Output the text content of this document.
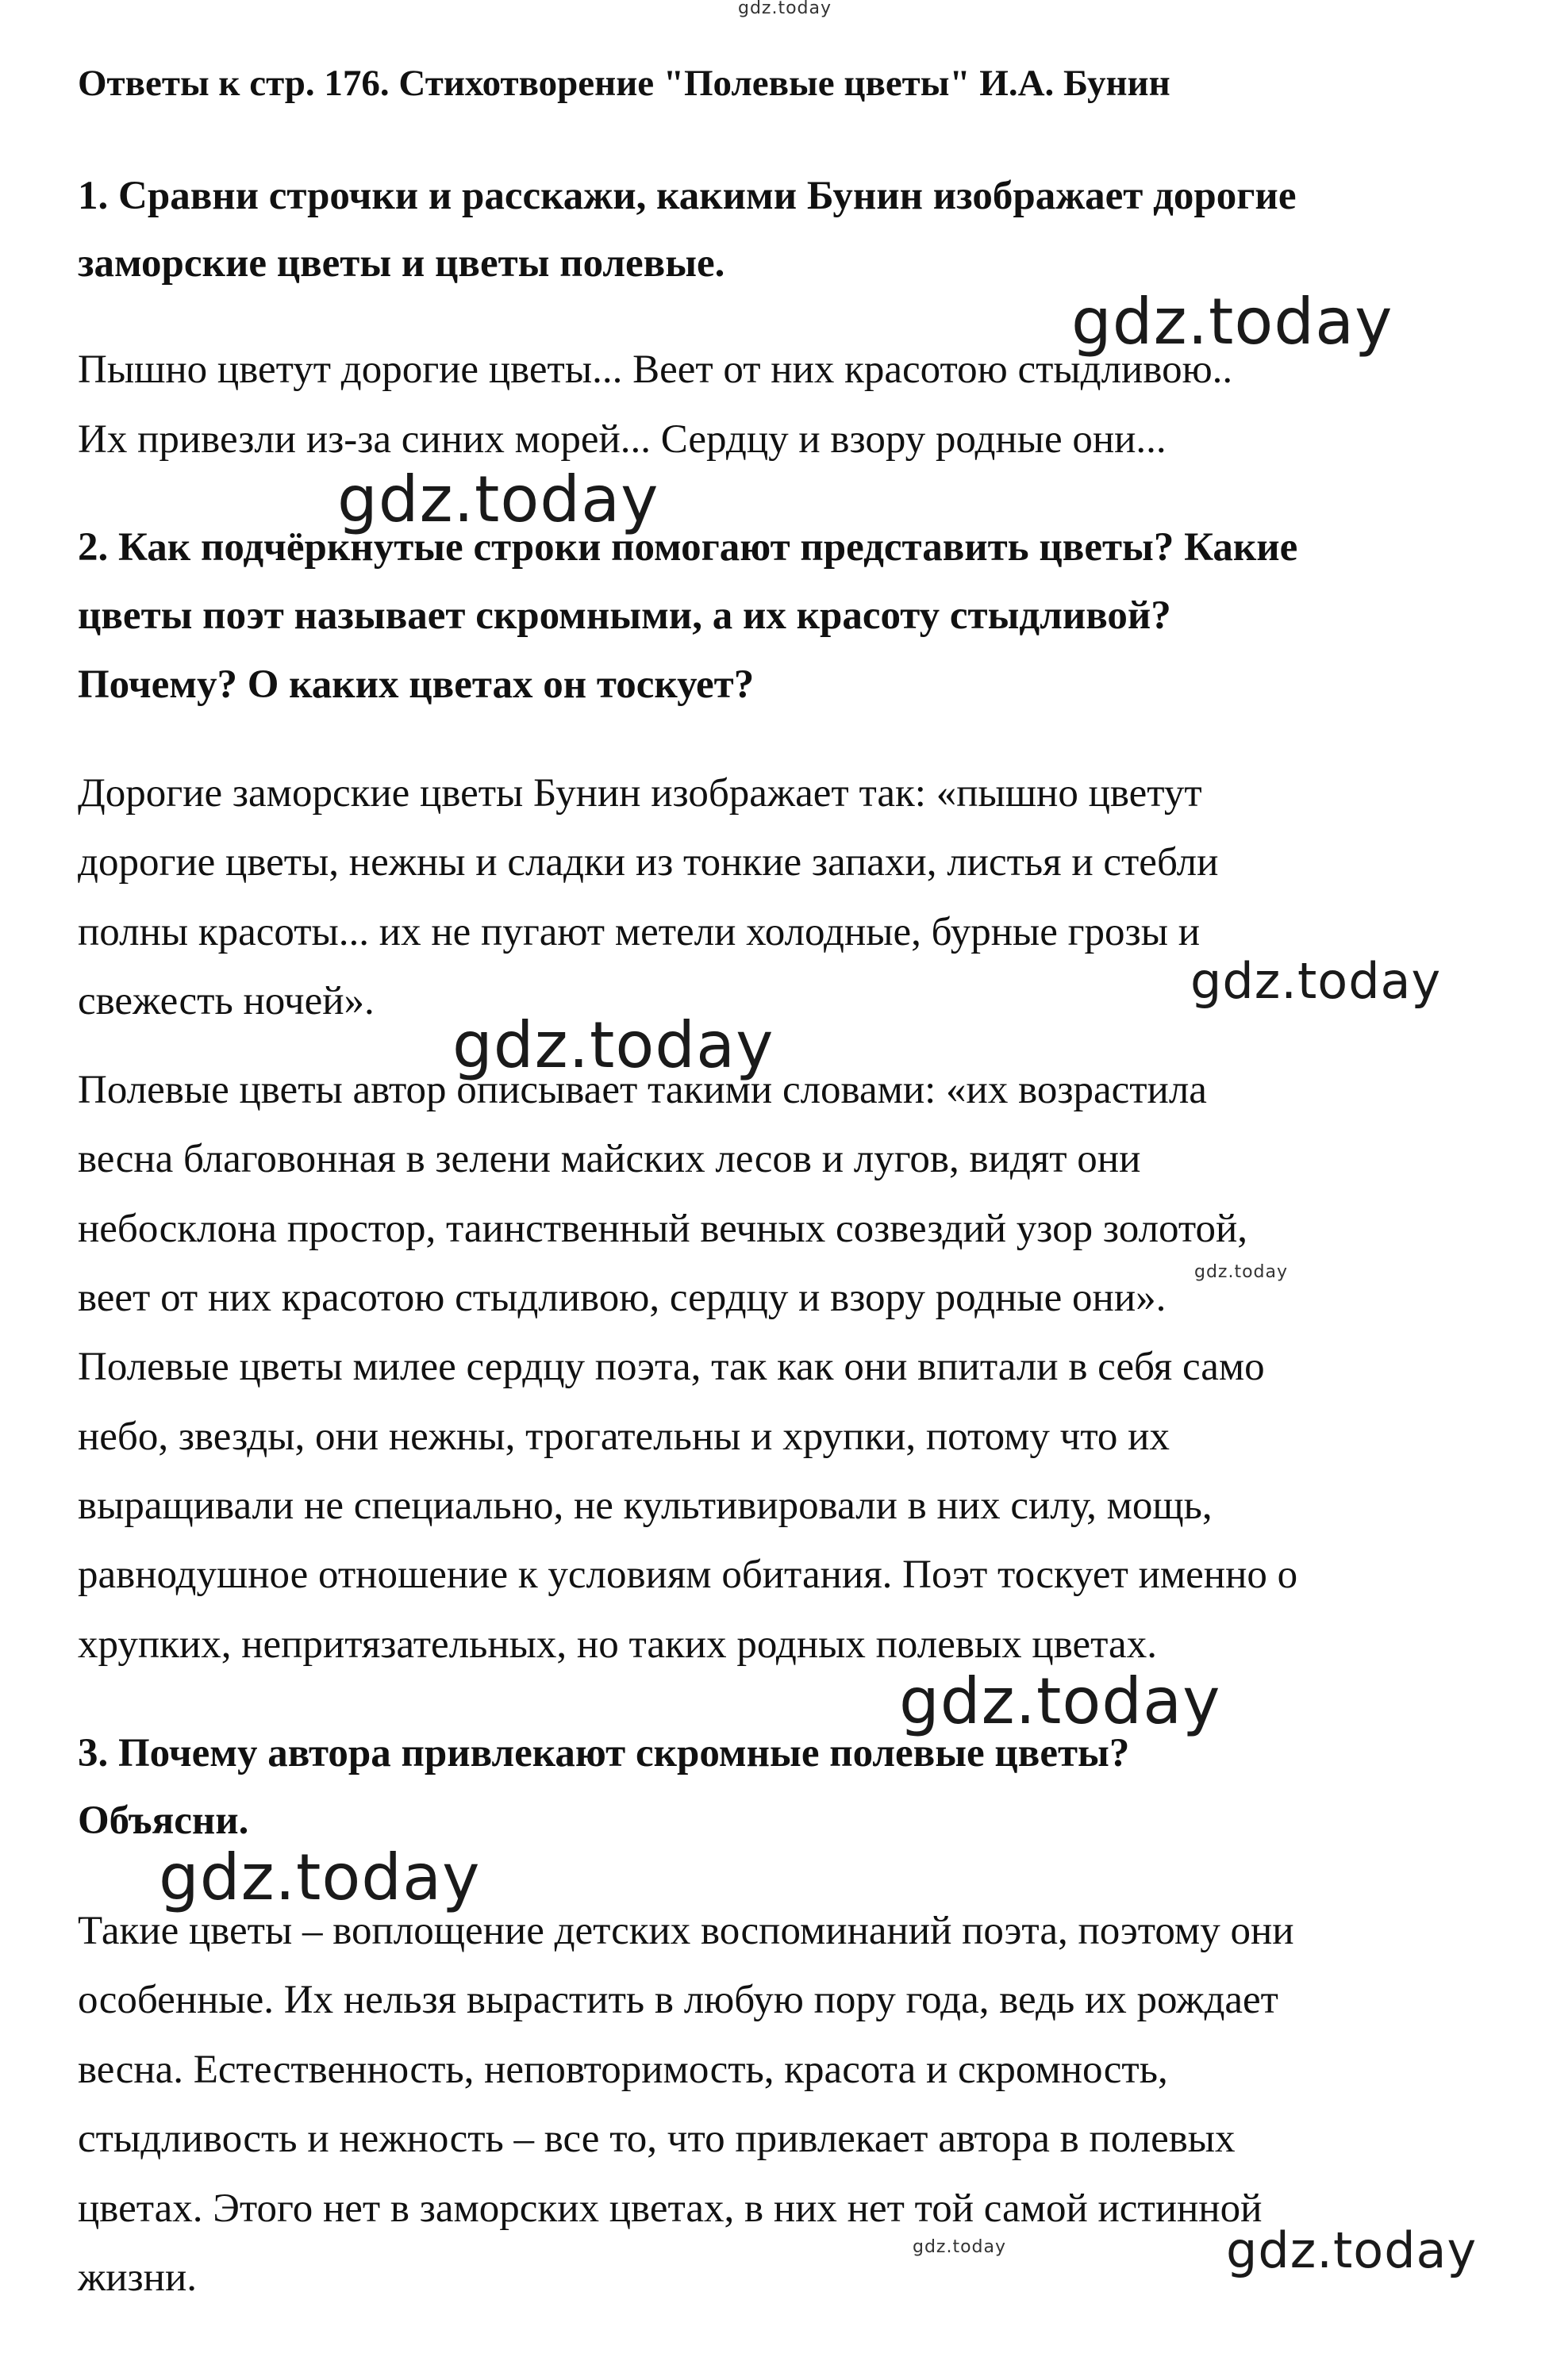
Ответы к стр. 176. Стихотворение "Полевые цветы" И.А. Бунин
1. Сравни строчки и расскажи, какими Бунин изображает дорогие
заморские цветы и цветы полевые.
Пышно цветут дорогие цветы... Веет от них красотою стыдливою..
Их привезли из-за синих морей... Сердцу и взору родные они...
2. Как подчёркнутые строки помогают представить цветы? Какие
цветы поэт называет скромными, а их красоту стыдливой?
Почему? О каких цветах он тоскует?
Дорогие заморские цветы Бунин изображает так: «пышно цветут
дорогие цветы, нежны и сладки из тонкие запахи, листья и стебли
полны красоты... их не пугают метели холодные, бурные грозы и
свежесть ночей».
Полевые цветы автор описывает такими словами: «их возрастила
весна благовонная в зелени майских лесов и лугов, видят они
небосклона простор, таинственный вечных созвездий узор золотой,
веет от них красотою стыдливою, сердцу и взору родные они».
Полевые цветы милее сердцу поэта, так как они впитали в себя само
небо, звезды, они нежны, трогательны и хрупки, потому что их
выращивали не специально, не культивировали в них силу, мощь,
равнодушное отношение к условиям обитания. Поэт тоскует именно о
хрупких, непритязательных, но таких родных полевых цветах.
3. Почему автора привлекают скромные полевые цветы?
Объясни.
Такие цветы – воплощение детских воспоминаний поэта, поэтому они
особенные. Их нельзя вырастить в любую пору года, ведь их рождает
весна. Естественность, неповторимость, красота и скромность,
стыдливость и нежность – все то, что привлекает автора в полевых
цветах. Этого нет в заморских цветах, в них нет той самой истинной
жизни.
gdz.today
gdz.today
gdz.today
gdz.today
gdz.today
gdz.today
gdz.today
gdz.today
gdz.today	gdz.today
